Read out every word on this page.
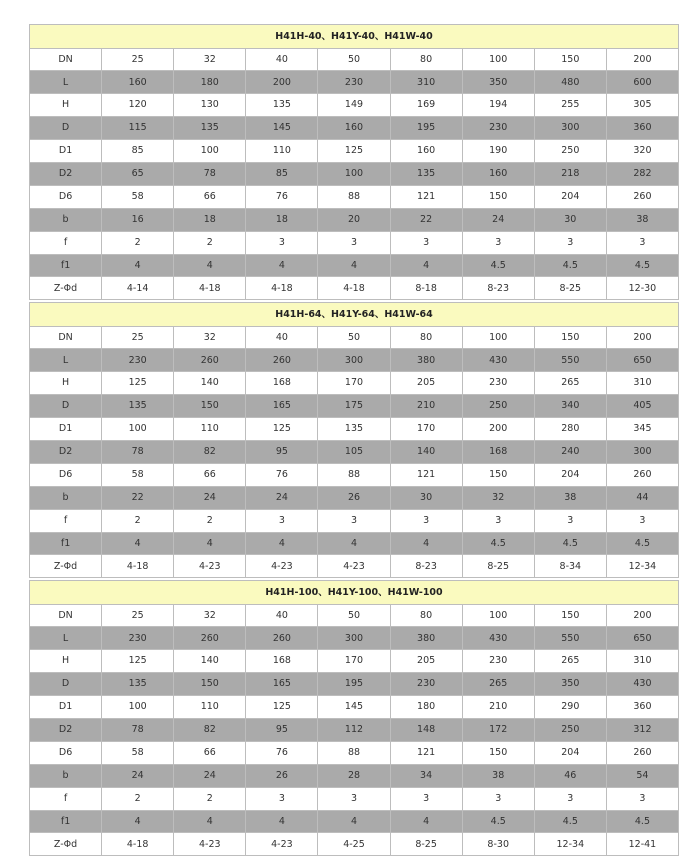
H41H-40、H41Y-40、H41W-40								
DN	25	32	40	50	80	100	150	200
L	160	180	200	230	310	350	480	600
H	120	130	135	149	169	194	255	305
D	115	135	145	160	195	230	300	360
D1	85	100	110	125	160	190	250	320
D2	65	78	85	100	135	160	218	282
D6	58	66	76	88	121	150	204	260
b	16	18	18	20	22	24	30	38
f	2	2	3	3	3	3	3	3
f1	4	4	4	4	4	4.5	4.5	4.5
Z-Φd	4-14	4-18	4-18	4-18	8-18	8-23	8-25	12-30
H41H-64、H41Y-64、H41W-64								
DN	25	32	40	50	80	100	150	200
L	230	260	260	300	380	430	550	650
H	125	140	168	170	205	230	265	310
D	135	150	165	175	210	250	340	405
D1	100	110	125	135	170	200	280	345
D2	78	82	95	105	140	168	240	300
D6	58	66	76	88	121	150	204	260
b	22	24	24	26	30	32	38	44
f	2	2	3	3	3	3	3	3
f1	4	4	4	4	4	4.5	4.5	4.5
Z-Φd	4-18	4-23	4-23	4-23	8-23	8-25	8-34	12-34
H41H-100、H41Y-100、H41W-100								
DN	25	32	40	50	80	100	150	200
L	230	260	260	300	380	430	550	650
H	125	140	168	170	205	230	265	310
D	135	150	165	195	230	265	350	430
D1	100	110	125	145	180	210	290	360
D2	78	82	95	112	148	172	250	312
D6	58	66	76	88	121	150	204	260
b	24	24	26	28	34	38	46	54
f	2	2	3	3	3	3	3	3
f1	4	4	4	4	4	4.5	4.5	4.5
Z-Φd	4-18	4-23	4-23	4-25	8-25	8-30	12-34	12-41
